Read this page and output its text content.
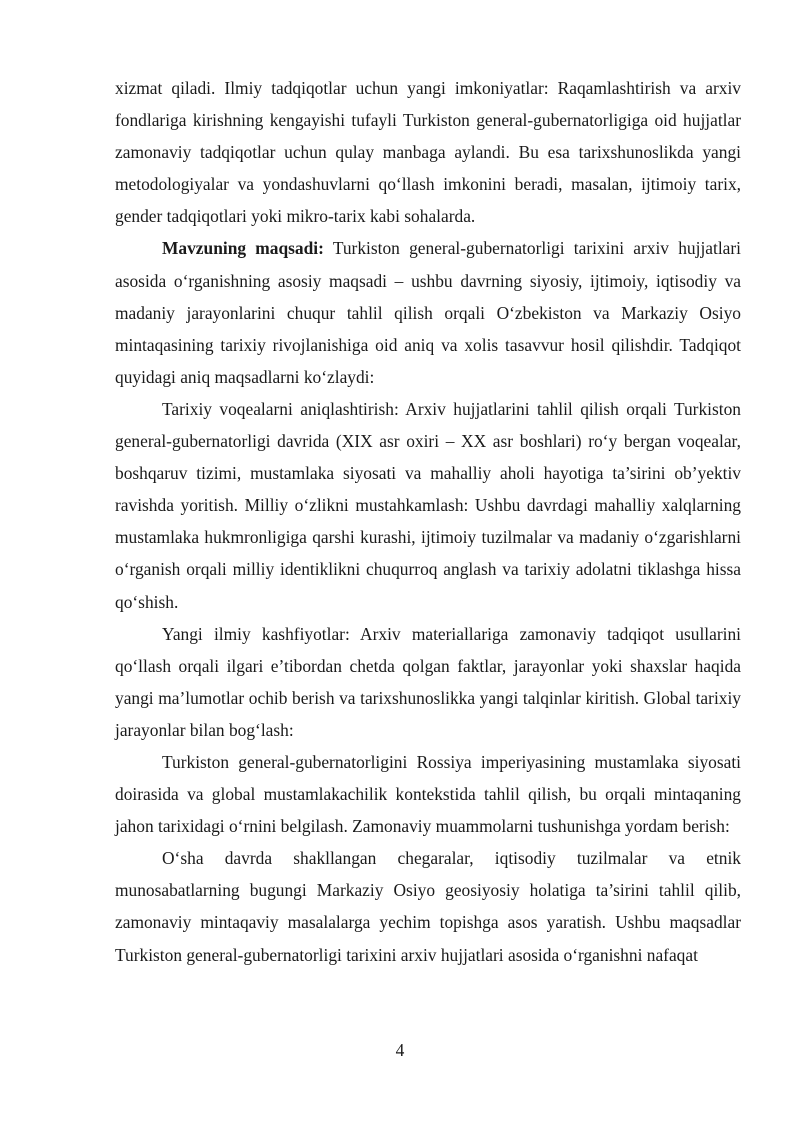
xizmat qiladi. Ilmiy tadqiqotlar uchun yangi imkoniyatlar: Raqamlashtirish va arxiv fondlariga kirishning kengayishi tufayli Turkiston general-gubernatorligiga oid hujjatlar zamonaviy tadqiqotlar uchun qulay manbaga aylandi. Bu esa tarixshunoslikda yangi metodologiyalar va yondashuvlarni qo‘llash imkonini beradi, masalan, ijtimoiy tarix, gender tadqiqotlari yoki mikro-tarix kabi sohalarda.

Mavzuning maqsadi: Turkiston general-gubernatorligi tarixini arxiv hujjatlari asosida o‘rganishning asosiy maqsadi – ushbu davrning siyosiy, ijtimoiy, iqtisodiy va madaniy jarayonlarini chuqur tahlil qilish orqali O‘zbekiston va Markaziy Osiyo mintaqasining tarixiy rivojlanishiga oid aniq va xolis tasavvur hosil qilishdir. Tadqiqot quyidagi aniq maqsadlarni ko‘zlaydi:

Tarixiy voqealarni aniqlashtirish: Arxiv hujjatlarini tahlil qilish orqali Turkiston general-gubernatorligi davrida (XIX asr oxiri – XX asr boshlari) ro‘y bergan voqealar, boshqaruv tizimi, mustamlaka siyosati va mahalliy aholi hayotiga ta’sirini ob’yektiv ravishda yoritish. Milliy o‘zlikni mustahkamlash: Ushbu davrdagi mahalliy xalqlarning mustamlaka hukmronligiga qarshi kurashi, ijtimoiy tuzilmalar va madaniy o‘zgarishlarni o‘rganish orqali milliy identiklikni chuqurroq anglash va tarixiy adolatni tiklashga hissa qo‘shish.

Yangi ilmiy kashfiyotlar: Arxiv materiallariga zamonaviy tadqiqot usullarini qo‘llash orqali ilgari e’tibordan chetda qolgan faktlar, jarayonlar yoki shaxslar haqida yangi ma’lumotlar ochib berish va tarixshunoslikka yangi talqinlar kiritish. Global tarixiy jarayonlar bilan bog‘lash:

Turkiston general-gubernatorligini Rossiya imperiyasining mustamlaka siyosati doirasida va global mustamlakachilik kontekstida tahlil qilish, bu orqali mintaqaning jahon tarixidagi o‘rnini belgilash. Zamonaviy muammolarni tushunishga yordam berish:

O‘sha davrda shakllangan chegaralar, iqtisodiy tuzilmalar va etnik munosabatlarning bugungi Markaziy Osiyo geosiyosiy holatiga ta’sirini tahlil qilib, zamonaviy mintaqaviy masalalarga yechim topishga asos yaratish. Ushbu maqsadlar Turkiston general-gubernatorligi tarixini arxiv hujjatlari asosida o‘rganishni nafaqat

4
